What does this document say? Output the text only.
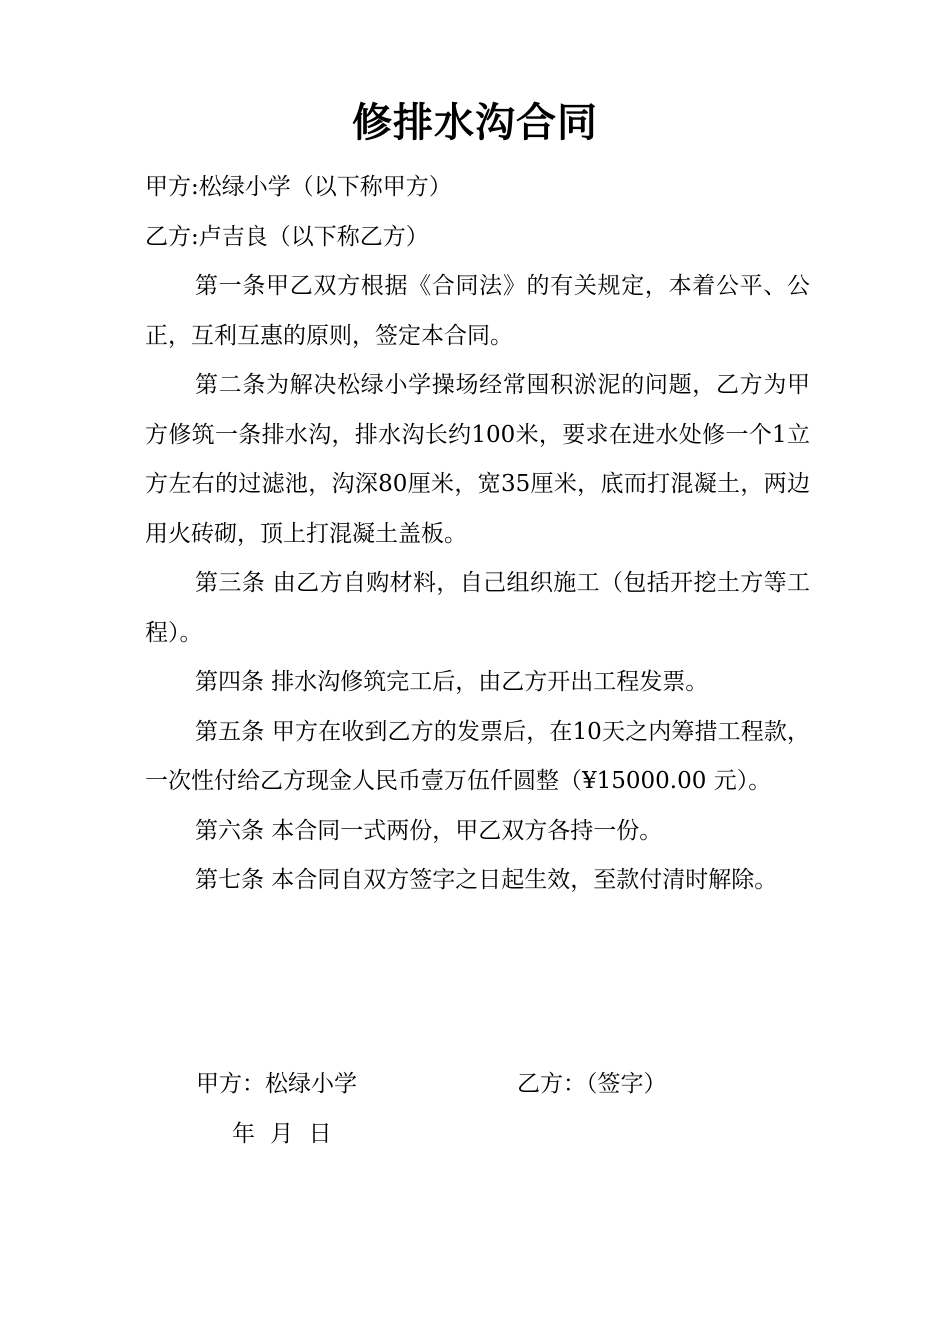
修排水沟合同

甲方:松绿小学（以下称甲方）

乙方:卢吉良（以下称乙方）

第一条甲乙双方根据《合同法》的有关规定，本着公平、公正，互利互惠的原则，签定本合同。

第二条为解决松绿小学操场经常囤积淤泥的问题，乙方为甲方修筑一条排水沟，排水沟长约100米，要求在进水处修一个1立方左右的过滤池，沟深80厘米，宽35厘米，底而打混凝土，两边用火砖砌，顶上打混凝土盖板。

第三条 由乙方自购材料，自己组织施工（包括开挖土方等工程）。

第四条 排水沟修筑完工后，由乙方开出工程发票。

第五条 甲方在收到乙方的发票后，在10天之内筹措工程款，一次性付给乙方现金人民币壹万伍仟圆整（¥15000.00 元）。

第六条 本合同一式两份，甲乙双方各持一份。

第七条 本合同自双方签字之日起生效，至款付清时解除。

甲方：松绿小学	乙方：（签字）
年 月 日
